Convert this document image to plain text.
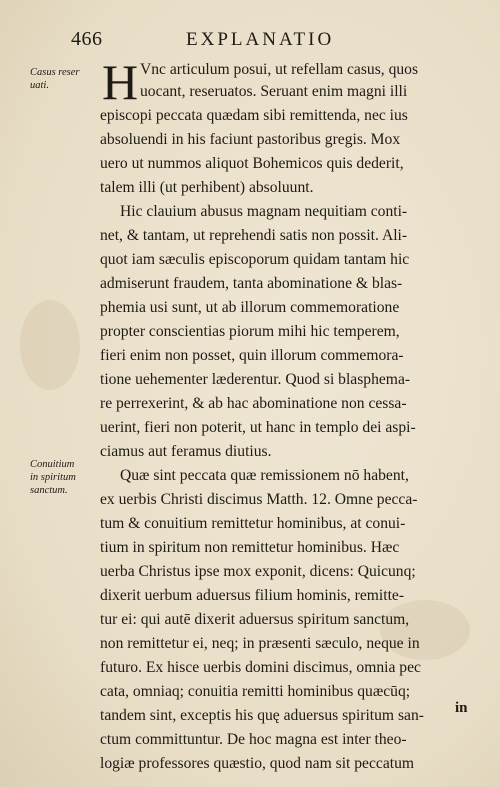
466	EXPLANATIO
Casus reser
uati.
Conuitium
in spiritum
sanctum.
H Vnc articulum posui, ut refellam casus, quos
uocant, reseruatos. Seruant enim magni illi
episcopi peccata quædam sibi remittenda, nec ius
absoluendi in his faciunt pastoribus gregis. Mox
uero ut nummos aliquot Bohemicos quis dederit,
talem illi (ut perhibent) absoluunt.
Hic clauium abusus magnam nequitiam conti-
net, & tantam, ut reprehendi satis non possit. Ali-
quot iam sæculis episcoporum quidam tantam hic
admiserunt fraudem, tanta abominatione & blas-
phemia usi sunt, ut ab illorum commemoratione
propter conscientias piorum mihi hic temperem,
fieri enim non posset, quin illorum commemora-
tione uehementer læderentur. Quod si blasphema-
re perrexerint, & ab hac abominatione non cessa-
uerint, fieri non poterit, ut hanc in templo dei aspi-
ciamus aut feramus diutius.
Quæ sint peccata quæ remissionem nō habent,
ex uerbis Christi discimus Matth. 12. Omne pecca-
tum & conuitium remittetur hominibus, at conui-
tium in spiritum non remittetur hominibus. Hæc
uerba Christus ipse mox exponit, dicens: Quicunq;
dixerit uerbum aduersus filium hominis, remitte-
tur ei: qui autē dixerit aduersus spiritum sanctum,
non remittetur ei, neq; in præsenti sæculo, neque in
futuro. Ex hisce uerbis domini discimus, omnia pec
cata, omniaq; conuitia remitti hominibus quæcūq;
tandem sint, exceptis his quę aduersus spiritum san-
ctum committuntur. De hoc magna est inter theo-
logiæ professores quæstio, quod nam sit peccatum
in
